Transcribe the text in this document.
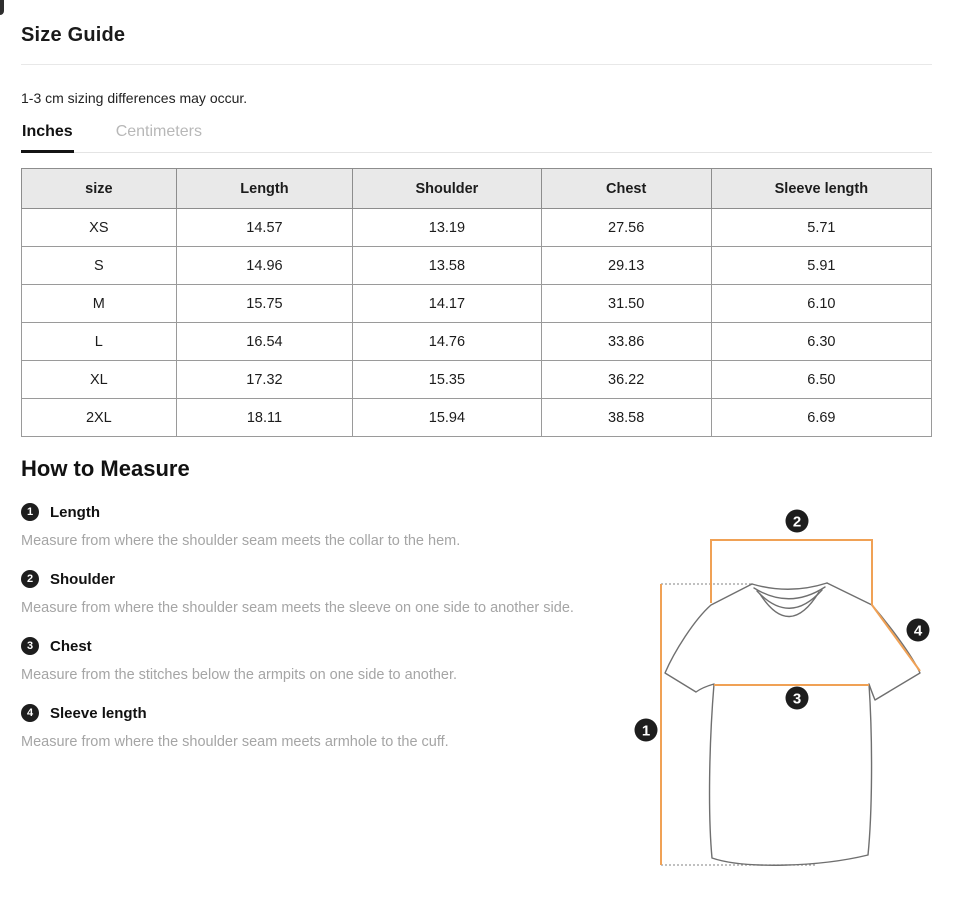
Size Guide
1-3 cm sizing differences may occur.
Inches	Centimeters
size	Length	Shoulder	Chest	Sleeve length
XS	14.57	13.19	27.56	5.71
S	14.96	13.58	29.13	5.91
M	15.75	14.17	31.50	6.10
L	16.54	14.76	33.86	6.30
XL	17.32	15.35	36.22	6.50
2XL	18.11	15.94	38.58	6.69
How to Measure
1	Length
Measure from where the shoulder seam meets the collar to the hem.
2	Shoulder
Measure from where the shoulder seam meets the sleeve on one side to another side.
3	Chest
Measure from the stitches below the armpits on one side to another.
4	Sleeve length
Measure from where the shoulder seam meets armhole to the cuff.
1
2
3
4
